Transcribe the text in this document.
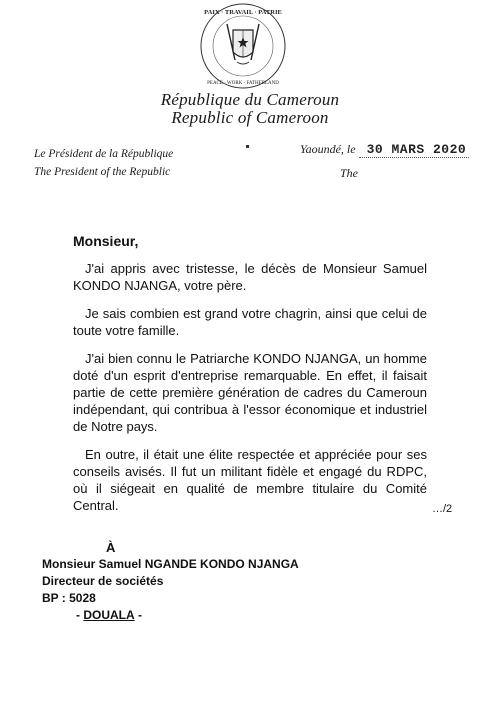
PAIX · TRAVAIL · PATRIE
PEACE · WORK · FATHERLAND
République du Cameroun
Republic of Cameroon
Le Président de la République
The President of the Republic
Yaoundé, le 30 MARS 2020
The
Monsieur,

J'ai appris avec tristesse, le décès de Monsieur Samuel KONDO NJANGA, votre père.

Je sais combien est grand votre chagrin, ainsi que celui de toute votre famille.

J'ai bien connu le Patriarche KONDO NJANGA, un homme doté d'un esprit d'entreprise remarquable. En effet, il faisait partie de cette première génération de cadres du Cameroun indépendant, qui contribua à l'essor économique et industriel de Notre pays.

En outre, il était une élite respectée et appréciée pour ses conseils avisés. Il fut un militant fidèle et engagé du RDPC, où il siégeait en qualité de membre titulaire du Comité Central.	…/2
À
Monsieur Samuel NGANDE KONDO NJANGA
Directeur de sociétés
BP : 5028
- DOUALA -
